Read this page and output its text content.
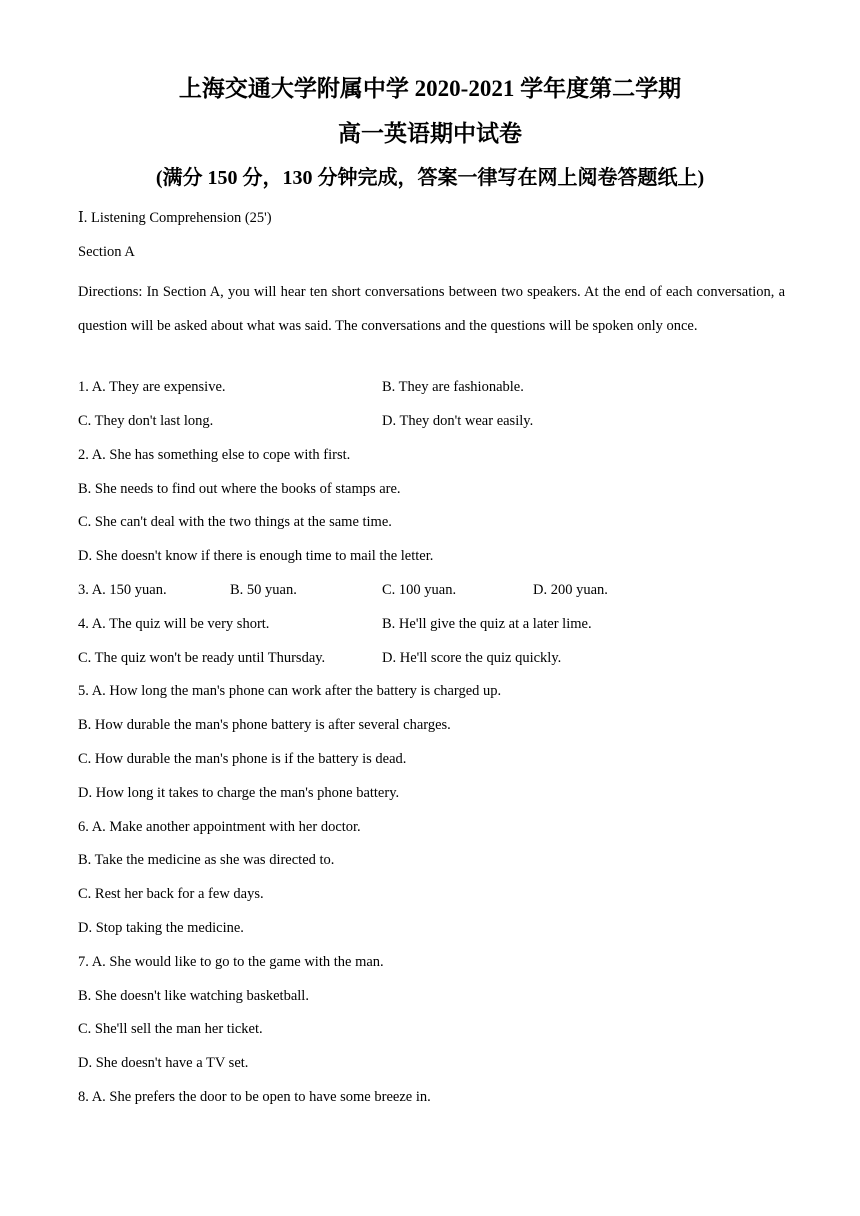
上海交通大学附属中学 2020-2021 学年度第二学期
高一英语期中试卷
(满分 150 分，130 分钟完成，答案一律写在网上阅卷答题纸上)
Ⅰ. Listening Comprehension (25')
Section A
Directions: In Section A, you will hear ten short conversations between two speakers. At the end of each conversation, a question will be asked about what was said. The conversations and the questions will be spoken only once.
1. A. They are expensive.	B. They are fashionable.
C. They don't last long.	D. They don't wear easily.
2. A. She has something else to cope with first.
B. She needs to find out where the books of stamps are.
C. She can't deal with the two things at the same time.
D. She doesn't know if there is enough time to mail the letter.
3. A. 150 yuan.	B. 50 yuan.	C. 100 yuan.	D. 200 yuan.
4. A. The quiz will be very short.	B. He'll give the quiz at a later lime.
C. The quiz won't be ready until Thursday.	D. He'll score the quiz quickly.
5. A. How long the man's phone can work after the battery is charged up.
B. How durable the man's phone battery is after several charges.
C. How durable the man's phone is if the battery is dead.
D. How long it takes to charge the man's phone battery.
6. A. Make another appointment with her doctor.
B. Take the medicine as she was directed to.
C. Rest her back for a few days.
D. Stop taking the medicine.
7. A. She would like to go to the game with the man.
B. She doesn't like watching basketball.
C. She'll sell the man her ticket.
D. She doesn't have a TV set.
8. A. She prefers the door to be open to have some breeze in.
